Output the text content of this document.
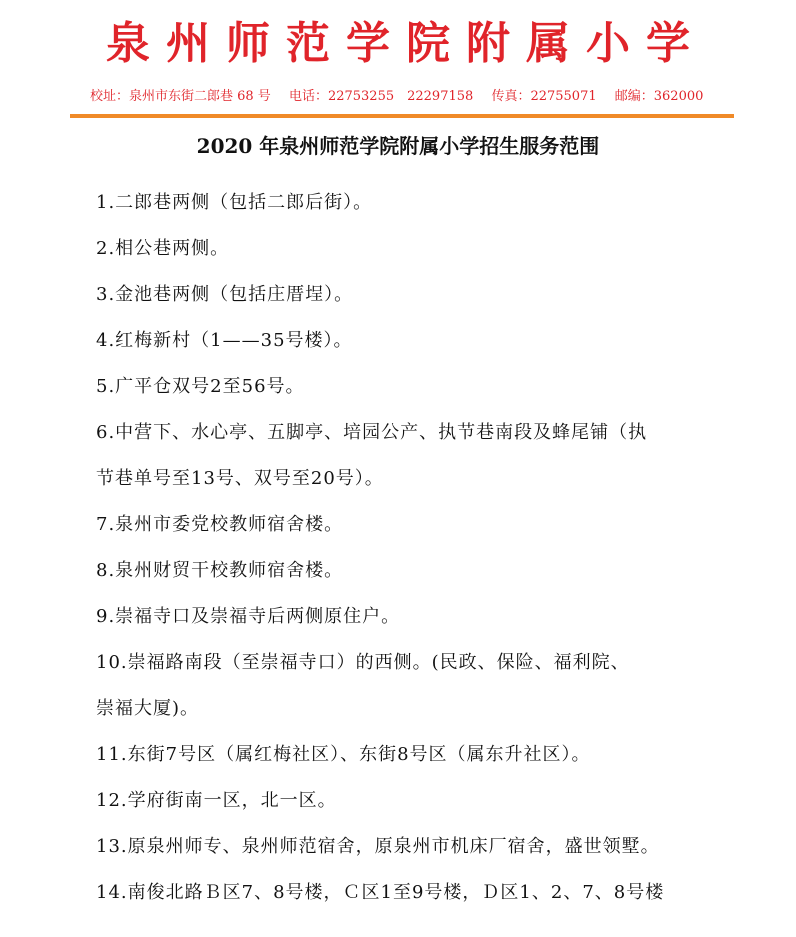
泉州师范学院附属小学
校址：泉州市东街二郎巷 68 号 电话：22753255　22297158 传真：22755071 邮编：362000
2020 年泉州师范学院附属小学招生服务范围
1.二郎巷两侧（包括二郎后街）。
2.相公巷两侧。
3.金池巷两侧（包括庄厝埕）。
4.红梅新村（1——35号楼）。
5.广平仓双号2至56号。
6.中营下、水心亭、五脚亭、培园公产、执节巷南段及蜂尾铺（执
节巷单号至13号、双号至20号）。
7.泉州市委党校教师宿舍楼。
8.泉州财贸干校教师宿舍楼。
9.崇福寺口及崇福寺后两侧原住户。
10.崇福路南段（至崇福寺口）的西侧。(民政、保险、福利院、
崇福大厦)。
11.东街7号区（属红梅社区）、东街8号区（属东升社区）。
12.学府街南一区，北一区。
13.原泉州师专、泉州师范宿舍，原泉州市机床厂宿舍，盛世领墅。
14.南俊北路Ｂ区7、8号楼，Ｃ区1至9号楼，Ｄ区1、2、7、8号楼
